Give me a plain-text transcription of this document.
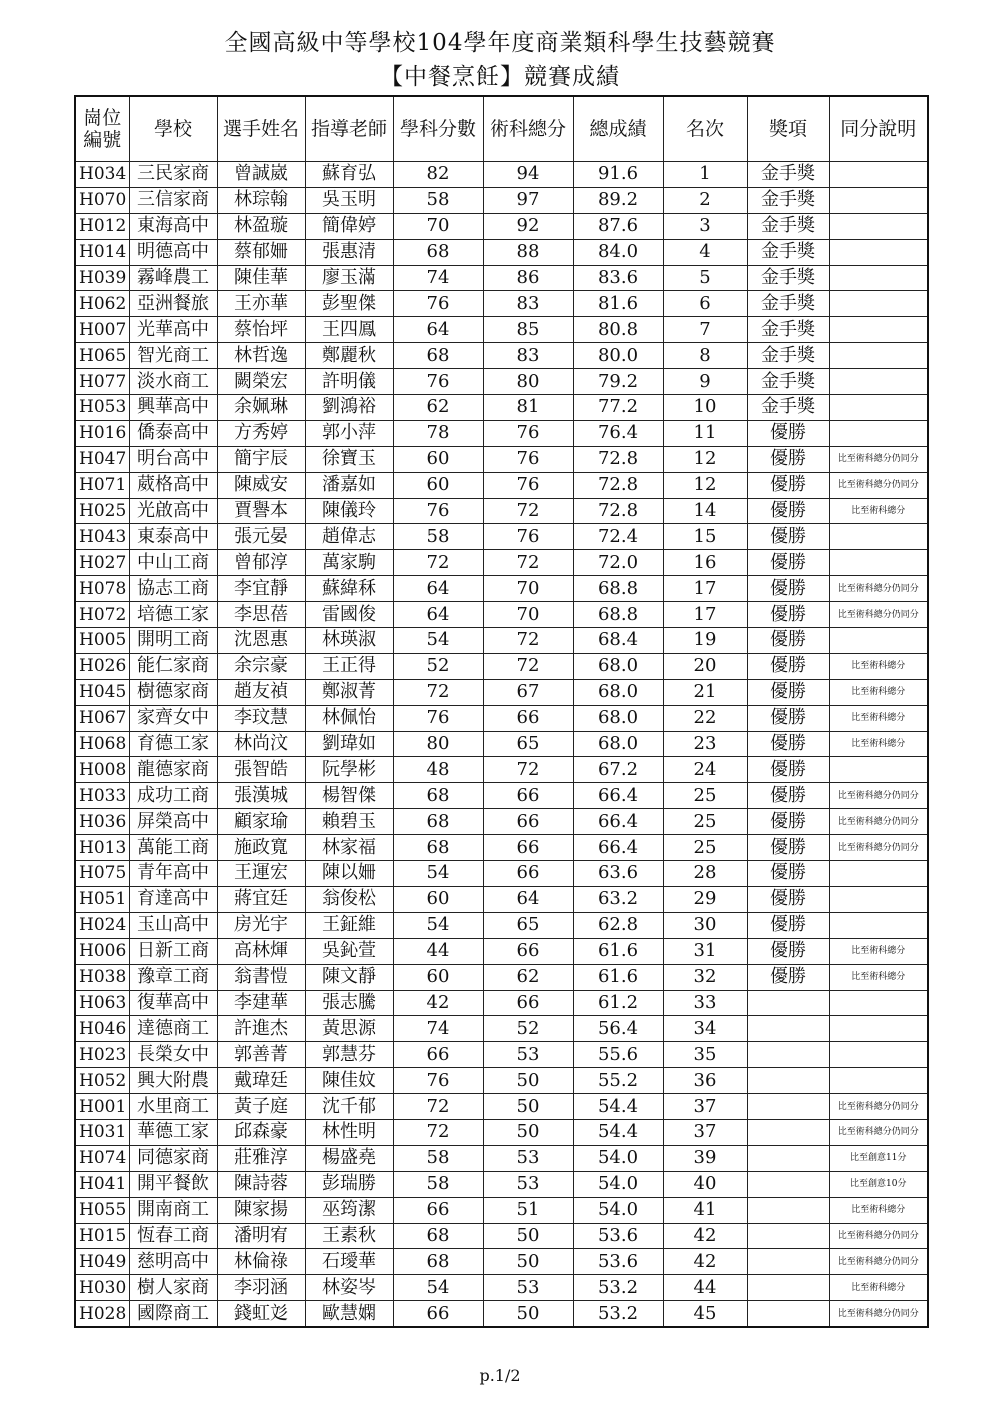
全國高級中等學校104學年度商業類科學生技藝競賽
【中餐烹飪】競賽成績
崗位
編號	學校	選手姓名	指導老師	學科分數	術科總分	總成績	名次	獎項	同分說明
H034	三民家商	曾誠崴	蘇育弘	82	94	91.6	1	金手獎	
H070	三信家商	林琮翰	吳玉明	58	97	89.2	2	金手獎	
H012	東海高中	林盈璇	簡偉婷	70	92	87.6	3	金手獎	
H014	明德高中	蔡郁姍	張惠清	68	88	84.0	4	金手獎	
H039	霧峰農工	陳佳華	廖玉滿	74	86	83.6	5	金手獎	
H062	亞洲餐旅	王亦華	彭聖傑	76	83	81.6	6	金手獎	
H007	光華高中	蔡怡坪	王四鳳	64	85	80.8	7	金手獎	
H065	智光商工	林哲逸	鄭麗秋	68	83	80.0	8	金手獎	
H077	淡水商工	闕榮宏	許明儀	76	80	79.2	9	金手獎	
H053	興華高中	余姵琳	劉鴻裕	62	81	77.2	10	金手獎	
H016	僑泰高中	方秀婷	郭小萍	78	76	76.4	11	優勝	
H047	明台高中	簡宇辰	徐寶玉	60	76	72.8	12	優勝	比至術科總分仍同分
H071	葳格高中	陳威安	潘嘉如	60	76	72.8	12	優勝	比至術科總分仍同分
H025	光啟高中	賈譽本	陳儀玲	76	72	72.8	14	優勝	比至術科總分
H043	東泰高中	張元晏	趙偉志	58	76	72.4	15	優勝	
H027	中山工商	曾郁淳	萬家駒	72	72	72.0	16	優勝	
H078	協志工商	李宜靜	蘇緯秝	64	70	68.8	17	優勝	比至術科總分仍同分
H072	培德工家	李思蓓	雷國俊	64	70	68.8	17	優勝	比至術科總分仍同分
H005	開明工商	沈恩惠	林瑛淑	54	72	68.4	19	優勝	
H026	能仁家商	余宗豪	王正得	52	72	68.0	20	優勝	比至術科總分
H045	樹德家商	趙友禎	鄭淑菁	72	67	68.0	21	優勝	比至術科總分
H067	家齊女中	李玟慧	林佩怡	76	66	68.0	22	優勝	比至術科總分
H068	育德工家	林尚汶	劉瑋如	80	65	68.0	23	優勝	比至術科總分
H008	龍德家商	張智皓	阮學彬	48	72	67.2	24	優勝	
H033	成功工商	張漢城	楊智傑	68	66	66.4	25	優勝	比至術科總分仍同分
H036	屏榮高中	顧家瑜	賴碧玉	68	66	66.4	25	優勝	比至術科總分仍同分
H013	萬能工商	施政寬	林家福	68	66	66.4	25	優勝	比至術科總分仍同分
H075	青年高中	王運宏	陳以姍	54	66	63.6	28	優勝	
H051	育達高中	蔣宜廷	翁俊松	60	64	63.2	29	優勝	
H024	玉山高中	房光宇	王鉦維	54	65	62.8	30	優勝	
H006	日新工商	高林煇	吳鈊萱	44	66	61.6	31	優勝	比至術科總分
H038	豫章工商	翁書愷	陳文靜	60	62	61.6	32	優勝	比至術科總分
H063	復華高中	李建華	張志騰	42	66	61.2	33		
H046	達德商工	許進杰	黃思源	74	52	56.4	34		
H023	長榮女中	郭善菁	郭慧芬	66	53	55.6	35		
H052	興大附農	戴瑋廷	陳佳妏	76	50	55.2	36		
H001	水里商工	黃子庭	沈千郁	72	50	54.4	37		比至術科總分仍同分
H031	華德工家	邱森豪	林性明	72	50	54.4	37		比至術科總分仍同分
H074	同德家商	莊雅淳	楊盛堯	58	53	54.0	39		比至創意11分
H041	開平餐飲	陳詩蓉	彭瑞勝	58	53	54.0	40		比至創意10分
H055	開南商工	陳家揚	巫筠潔	66	51	54.0	41		比至術科總分
H015	恆春工商	潘明宥	王素秋	68	50	53.6	42		比至術科總分仍同分
H049	慈明高中	林倫祿	石璦華	68	50	53.6	42		比至術科總分仍同分
H030	樹人家商	李羽涵	林姿岑	54	53	53.2	44		比至術科總分
H028	國際商工	錢虹彣	歐慧嫻	66	50	53.2	45		比至術科總分仍同分
p.1/2
